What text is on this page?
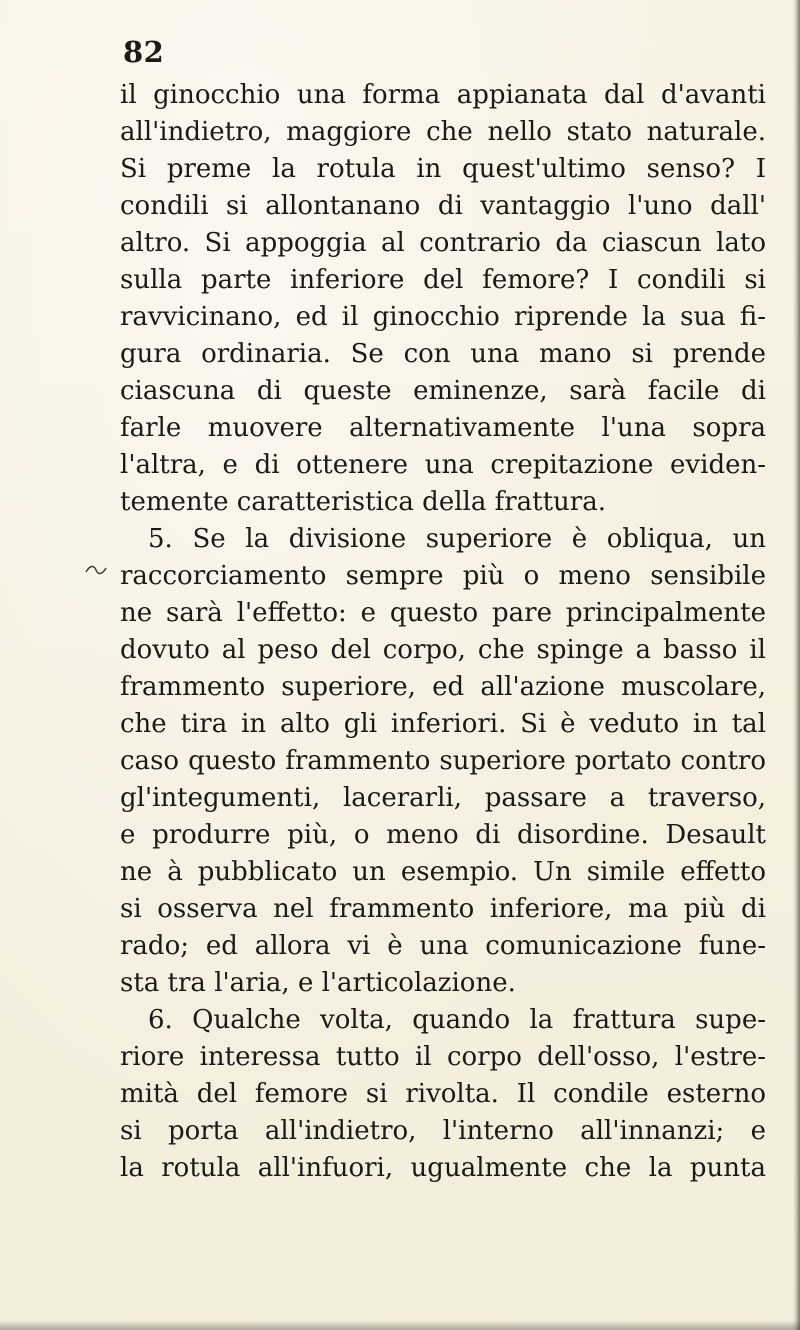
82
il ginocchio una forma appianata dal d'avanti
all'indietro, maggiore che nello stato naturale.
Si preme la rotula in quest'ultimo senso? I
condili si allontanano di vantaggio l'uno dall'
altro. Si appoggia al contrario da ciascun lato
sulla parte inferiore del femore? I condili si
ravvicinano, ed il ginocchio riprende la sua fi-
gura ordinaria. Se con una mano si prende
ciascuna di queste eminenze, sarà facile di
farle muovere alternativamente l'una sopra
l'altra, e di ottenere una crepitazione eviden-
temente caratteristica della frattura.
5. Se la divisione superiore è obliqua, un
raccorciamento sempre più o meno sensibile
ne sarà l'effetto: e questo pare principalmente
dovuto al peso del corpo, che spinge a basso il
frammento superiore, ed all'azione muscolare,
che tira in alto gli inferiori. Si è veduto in tal
caso questo frammento superiore portato contro
gl'integumenti, lacerarli, passare a traverso,
e produrre più, o meno di disordine. Desault
ne à pubblicato un esempio. Un simile effetto
si osserva nel frammento inferiore, ma più di
rado; ed allora vi è una comunicazione fune-
sta tra l'aria, e l'articolazione.
6. Qualche volta, quando la frattura supe-
riore interessa tutto il corpo dell'osso, l'estre-
mità del femore si rivolta. Il condile esterno
si porta all'indietro, l'interno all'innanzi; e
la rotula all'infuori, ugualmente che la punta
